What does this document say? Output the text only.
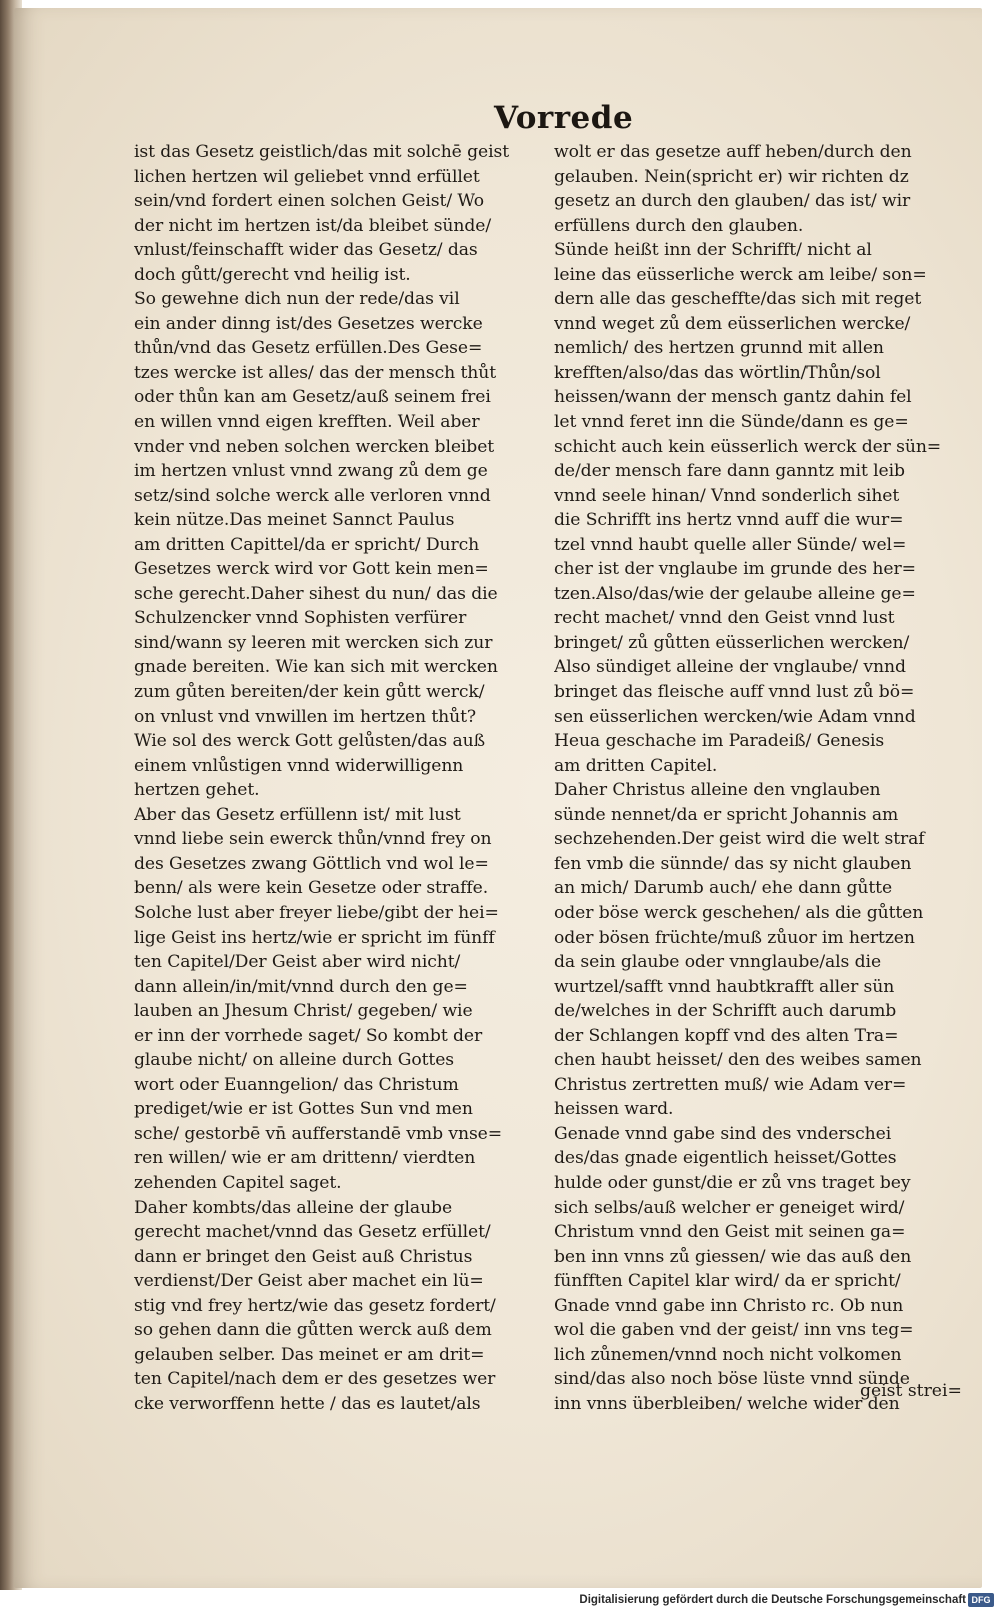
Vorrede
ist das Gesetz geistlich/das mit solchē geist
lichen hertzen wil geliebet vnnd erfüllet
sein/vnd fordert einen solchen Geist/ Wo
der nicht im hertzen ist/da bleibet sünde/
vnlust/feinschafft wider das Gesetz/ das
doch gůtt/gerecht vnd heilig ist.
So gewehne dich nun der rede/das vil
ein ander dinng ist/des Gesetzes wercke
thůn/vnd das Gesetz erfüllen.Des Gese=
tzes wercke ist alles/ das der mensch thůt
oder thůn kan am Gesetz/auß seinem frei
en willen vnnd eigen krefften. Weil aber
vnder vnd neben solchen wercken bleibet
im hertzen vnlust vnnd zwang zů dem ge
setz/sind solche werck alle verloren vnnd
kein nütze.Das meinet Sannct Paulus
am dritten Capittel/da er spricht/ Durch
Gesetzes werck wird vor Gott kein men=
sche gerecht.Daher sihest du nun/ das die
Schulzencker vnnd Sophisten verfürer
sind/wann sy leeren mit wercken sich zur
gnade bereiten. Wie kan sich mit wercken
zum gůten bereiten/der kein gůtt werck/
on vnlust vnd vnwillen im hertzen thůt?
Wie sol des werck Gott gelůsten/das auß
einem vnlůstigen vnnd widerwilligenn
hertzen gehet.
Aber das Gesetz erfüllenn ist/ mit lust
vnnd liebe sein ewerck thůn/vnnd frey on
des Gesetzes zwang Göttlich vnd wol le=
benn/ als were kein Gesetze oder straffe.
Solche lust aber freyer liebe/gibt der hei=
lige Geist ins hertz/wie er spricht im fünff
ten Capitel/Der Geist aber wird nicht/
dann allein/in/mit/vnnd durch den ge=
lauben an Jhesum Christ/ gegeben/ wie
er inn der vorrhede saget/ So kombt der
glaube nicht/ on alleine durch Gottes
wort oder Euanngelion/ das Christum
prediget/wie er ist Gottes Sun vnd men
sche/ gestorbē vn̄ aufferstandē vmb vnse=
ren willen/ wie er am drittenn/ vierdten
zehenden Capitel saget.
Daher kombts/das alleine der glaube
gerecht machet/vnnd das Gesetz erfüllet/
dann er bringet den Geist auß Christus
verdienst/Der Geist aber machet ein lü=
stig vnd frey hertz/wie das gesetz fordert/
so gehen dann die gůtten werck auß dem
gelauben selber. Das meinet er am drit=
ten Capitel/nach dem er des gesetzes wer
cke verworffenn hette / das es lautet/als
wolt er das gesetze auff heben/durch den
gelauben. Nein(spricht er) wir richten dz
gesetz an durch den glauben/ das ist/ wir
erfüllens durch den glauben.
Sünde heißt inn der Schrifft/ nicht al
leine das eüsserliche werck am leibe/ son=
dern alle das gescheffte/das sich mit reget
vnnd weget zů dem eüsserlichen wercke/
nemlich/ des hertzen grunnd mit allen
krefften/also/das das wörtlin/Thůn/sol
heissen/wann der mensch gantz dahin fel
let vnnd feret inn die Sünde/dann es ge=
schicht auch kein eüsserlich werck der sün=
de/der mensch fare dann ganntz mit leib
vnnd seele hinan/ Vnnd sonderlich sihet
die Schrifft ins hertz vnnd auff die wur=
tzel vnnd haubt quelle aller Sünde/ wel=
cher ist der vnglaube im grunde des her=
tzen.Also/das/wie der gelaube alleine ge=
recht machet/ vnnd den Geist vnnd lust
bringet/ zů gůtten eüsserlichen wercken/
Also sündiget alleine der vnglaube/ vnnd
bringet das fleische auff vnnd lust zů bö=
sen eüsserlichen wercken/wie Adam vnnd
Heua geschache im Paradeiß/ Genesis
am dritten Capitel.
Daher Christus alleine den vnglauben
sünde nennet/da er spricht Johannis am
sechzehenden.Der geist wird die welt straf
fen vmb die sünnde/ das sy nicht glauben
an mich/ Darumb auch/ ehe dann gůtte
oder böse werck geschehen/ als die gůtten
oder bösen früchte/muß zůuor im hertzen
da sein glaube oder vnnglaube/als die
wurtzel/safft vnnd haubtkrafft aller sün
de/welches in der Schrifft auch darumb
der Schlangen kopff vnd des alten Tra=
chen haubt heisset/ den des weibes samen
Christus zertretten muß/ wie Adam ver=
heissen ward.
Genade vnnd gabe sind des vnderschei
des/das gnade eigentlich heisset/Gottes
hulde oder gunst/die er zů vns traget bey
sich selbs/auß welcher er geneiget wird/
Christum vnnd den Geist mit seinen ga=
ben inn vnns zů giessen/ wie das auß den
fünfften Capitel klar wird/ da er spricht/
Gnade vnnd gabe inn Christo rc. Ob nun
wol die gaben vnd der geist/ inn vns teg=
lich zůnemen/vnnd noch nicht volkomen
sind/das also noch böse lüste vnnd sünde
inn vnns überbleiben/ welche wider den
geist strei=
Digitalisierung gefördert durch die Deutsche Forschungsgemeinschaft DFG
